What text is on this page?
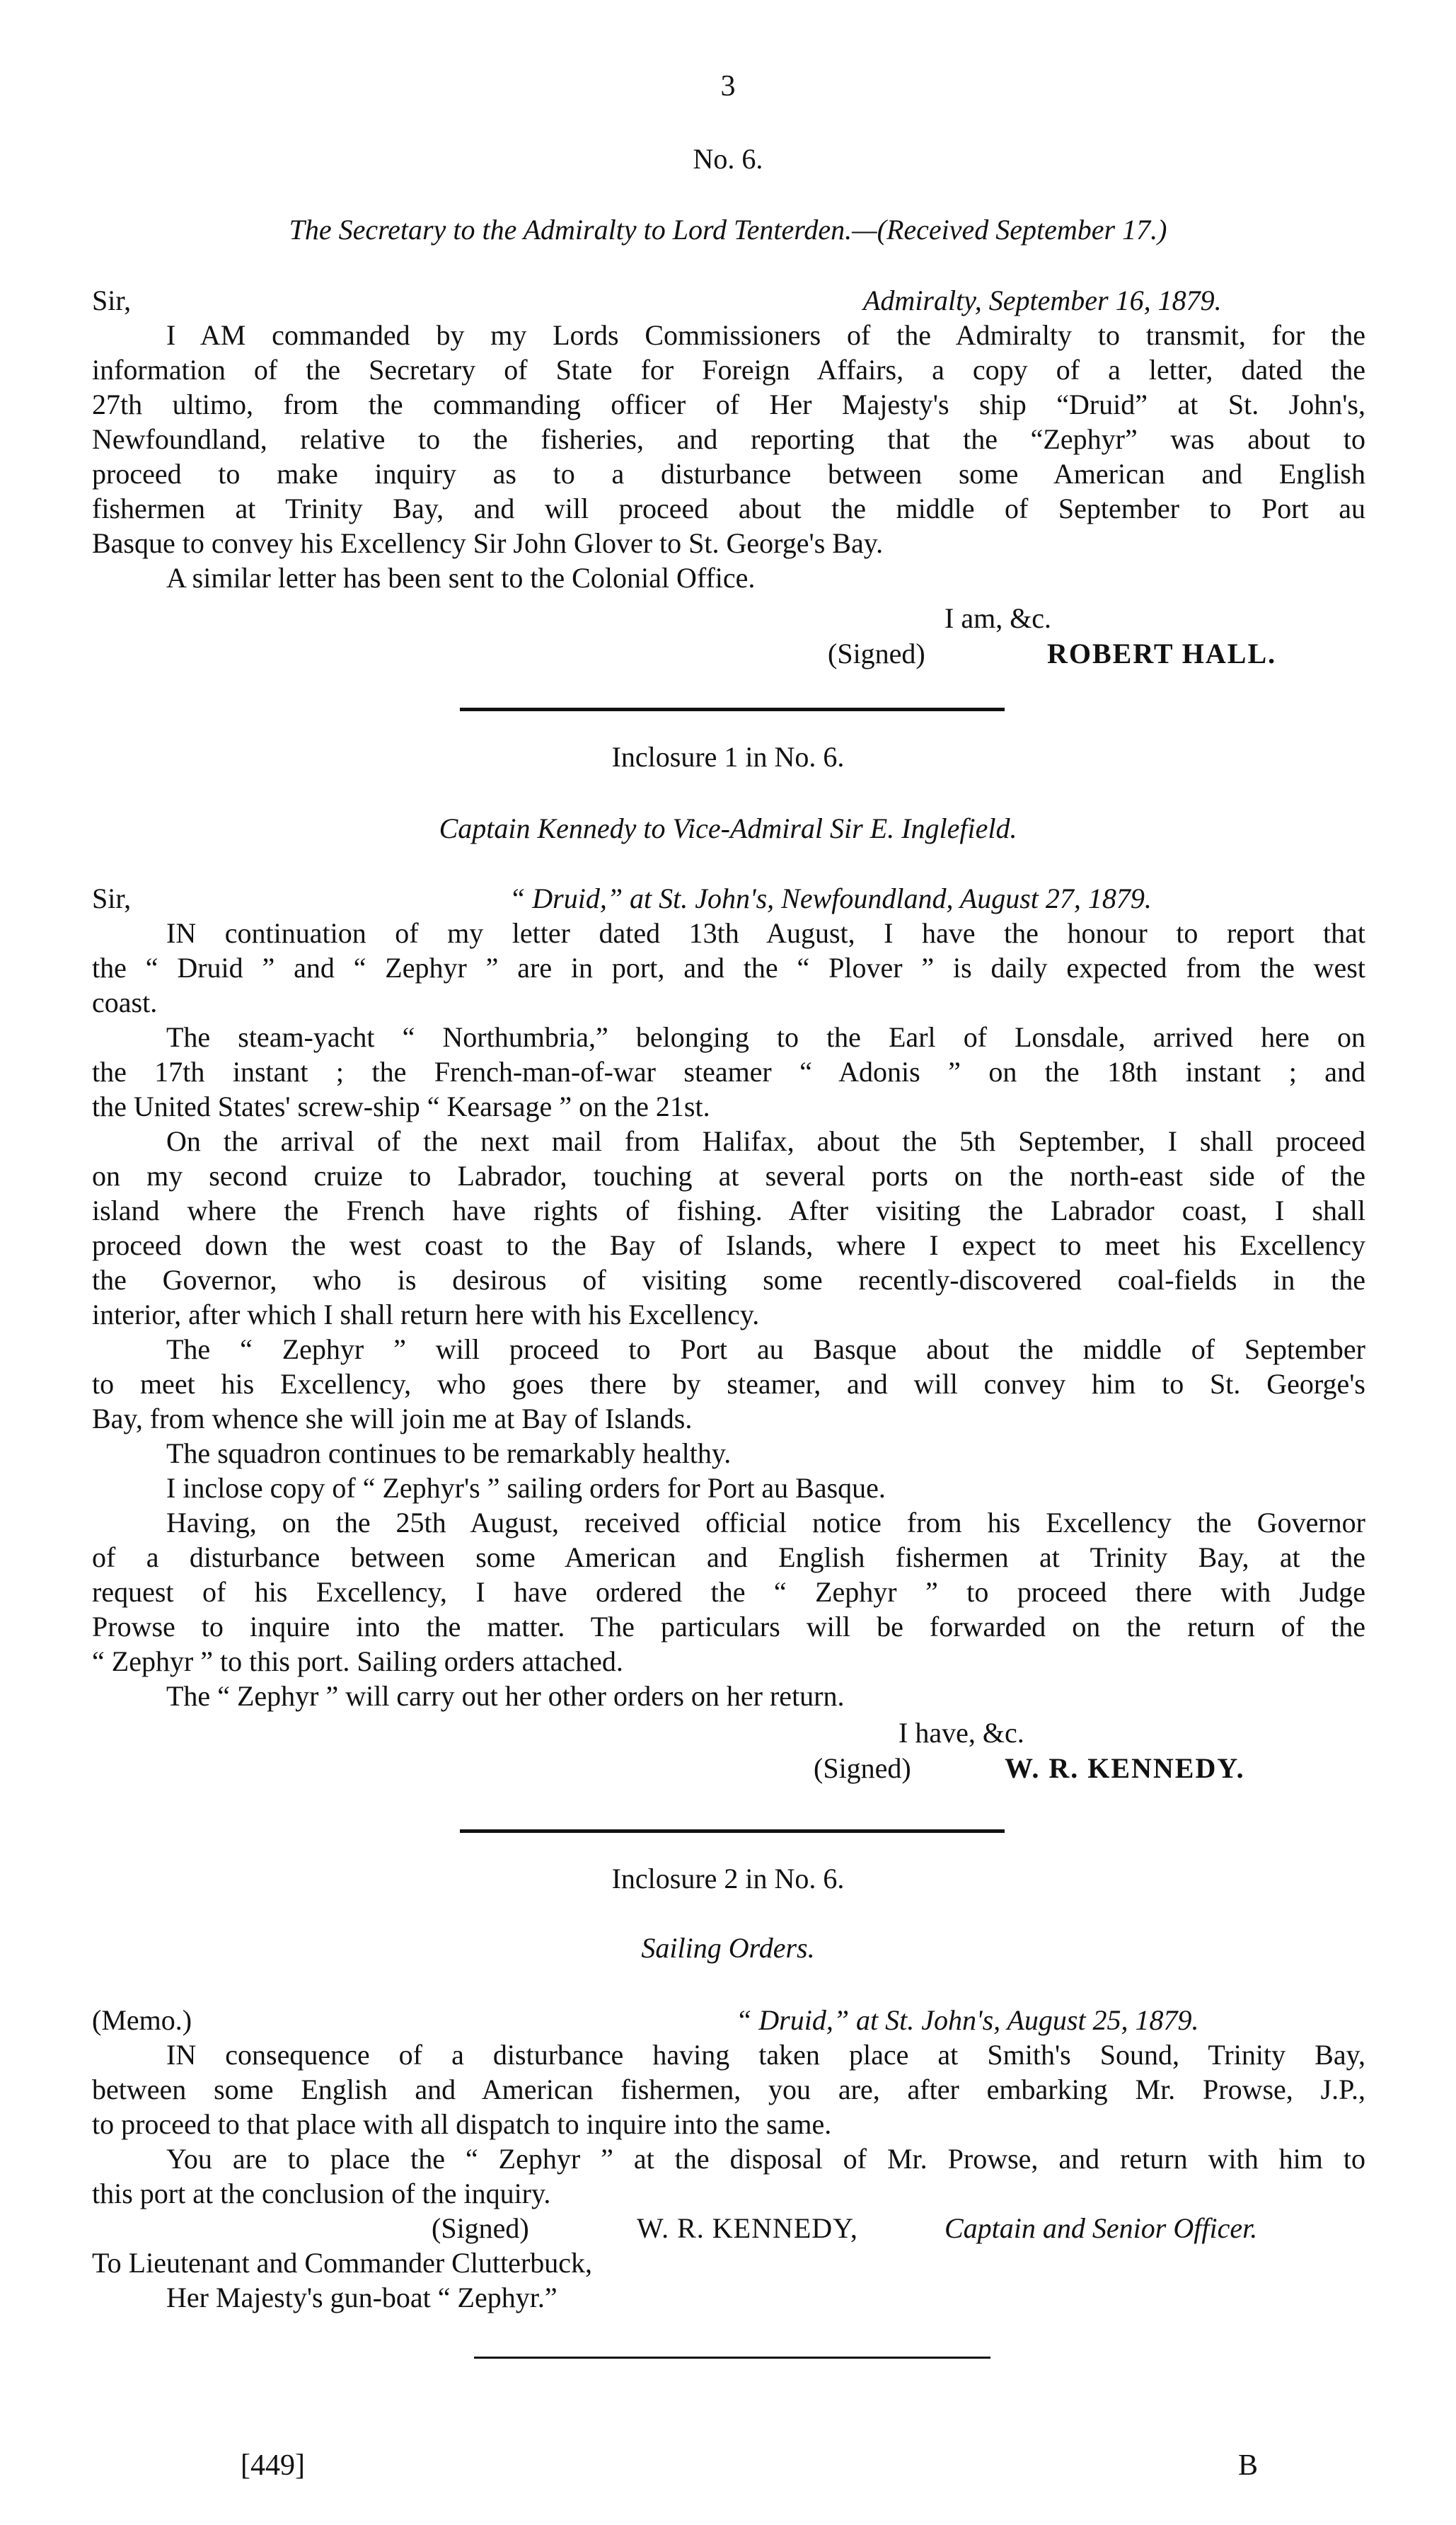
3
No. 6.
The Secretary to the Admiralty to Lord Tenterden.—(Received September 17.)
Sir,	Admiralty, September 16, 1879.
I AM commanded by my Lords Commissioners of the Admiralty to transmit, for the
information of the Secretary of State for Foreign Affairs, a copy of a letter, dated the
27th ultimo, from the commanding officer of Her Majesty's ship “Druid” at St. John's,
Newfoundland, relative to the fisheries, and reporting that the “Zephyr” was about to
proceed to make inquiry as to a disturbance between some American and English
fishermen at Trinity Bay, and will proceed about the middle of September to Port au
Basque to convey his Excellency Sir John Glover to St. George's Bay.
A similar letter has been sent to the Colonial Office.
I am, &c.
(Signed)	ROBERT HALL.
Inclosure 1 in No. 6.
Captain Kennedy to Vice-Admiral Sir E. Inglefield.
Sir,	“ Druid,” at St. John's, Newfoundland, August 27, 1879.
IN continuation of my letter dated 13th August, I have the honour to report that
the “ Druid ” and “ Zephyr ” are in port, and the “ Plover ” is daily expected from the west
coast.
The steam-yacht “ Northumbria,” belonging to the Earl of Lonsdale, arrived here on
the 17th instant ; the French-man-of-war steamer “ Adonis ” on the 18th instant ; and
the United States' screw-ship “ Kearsage ” on the 21st.
On the arrival of the next mail from Halifax, about the 5th September, I shall proceed
on my second cruize to Labrador, touching at several ports on the north-east side of the
island where the French have rights of fishing. After visiting the Labrador coast, I shall
proceed down the west coast to the Bay of Islands, where I expect to meet his Excellency
the Governor, who is desirous of visiting some recently-discovered coal-fields in the
interior, after which I shall return here with his Excellency.
The “ Zephyr ” will proceed to Port au Basque about the middle of September
to meet his Excellency, who goes there by steamer, and will convey him to St. George's
Bay, from whence she will join me at Bay of Islands.
The squadron continues to be remarkably healthy.
I inclose copy of “ Zephyr's ” sailing orders for Port au Basque.
Having, on the 25th August, received official notice from his Excellency the Governor
of a disturbance between some American and English fishermen at Trinity Bay, at the
request of his Excellency, I have ordered the “ Zephyr ” to proceed there with Judge
Prowse to inquire into the matter. The particulars will be forwarded on the return of the
“ Zephyr ” to this port. Sailing orders attached.
The “ Zephyr ” will carry out her other orders on her return.
I have, &c.
(Signed)	W. R. KENNEDY.
Inclosure 2 in No. 6.
Sailing Orders.
(Memo.)	“ Druid,” at St. John's, August 25, 1879.
IN consequence of a disturbance having taken place at Smith's Sound, Trinity Bay,
between some English and American fishermen, you are, after embarking Mr. Prowse, J.P.,
to proceed to that place with all dispatch to inquire into the same.
You are to place the “ Zephyr ” at the disposal of Mr. Prowse, and return with him to
this port at the conclusion of the inquiry.
(Signed)	W. R. KENNEDY,	Captain and Senior Officer.
To Lieutenant and Commander Clutterbuck,
Her Majesty's gun-boat “ Zephyr.”
[449]	B
